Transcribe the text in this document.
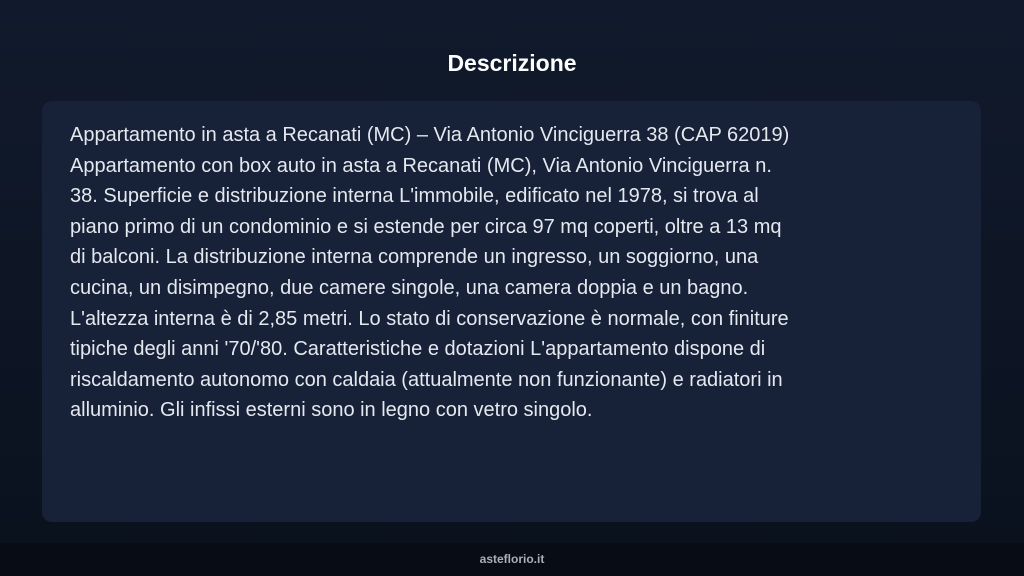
Descrizione
Appartamento in asta a Recanati (MC) – Via Antonio Vinciguerra 38 (CAP 62019)
Appartamento con box auto in asta a Recanati (MC), Via Antonio Vinciguerra n.
38. Superficie e distribuzione interna L'immobile, edificato nel 1978, si trova al
piano primo di un condominio e si estende per circa 97 mq coperti, oltre a 13 mq
di balconi. La distribuzione interna comprende un ingresso, un soggiorno, una
cucina, un disimpegno, due camere singole, una camera doppia e un bagno.
L'altezza interna è di 2,85 metri. Lo stato di conservazione è normale, con finiture
tipiche degli anni '70/'80. Caratteristiche e dotazioni L'appartamento dispone di
riscaldamento autonomo con caldaia (attualmente non funzionante) e radiatori in
alluminio. Gli infissi esterni sono in legno con vetro singolo.
asteflorio.it
